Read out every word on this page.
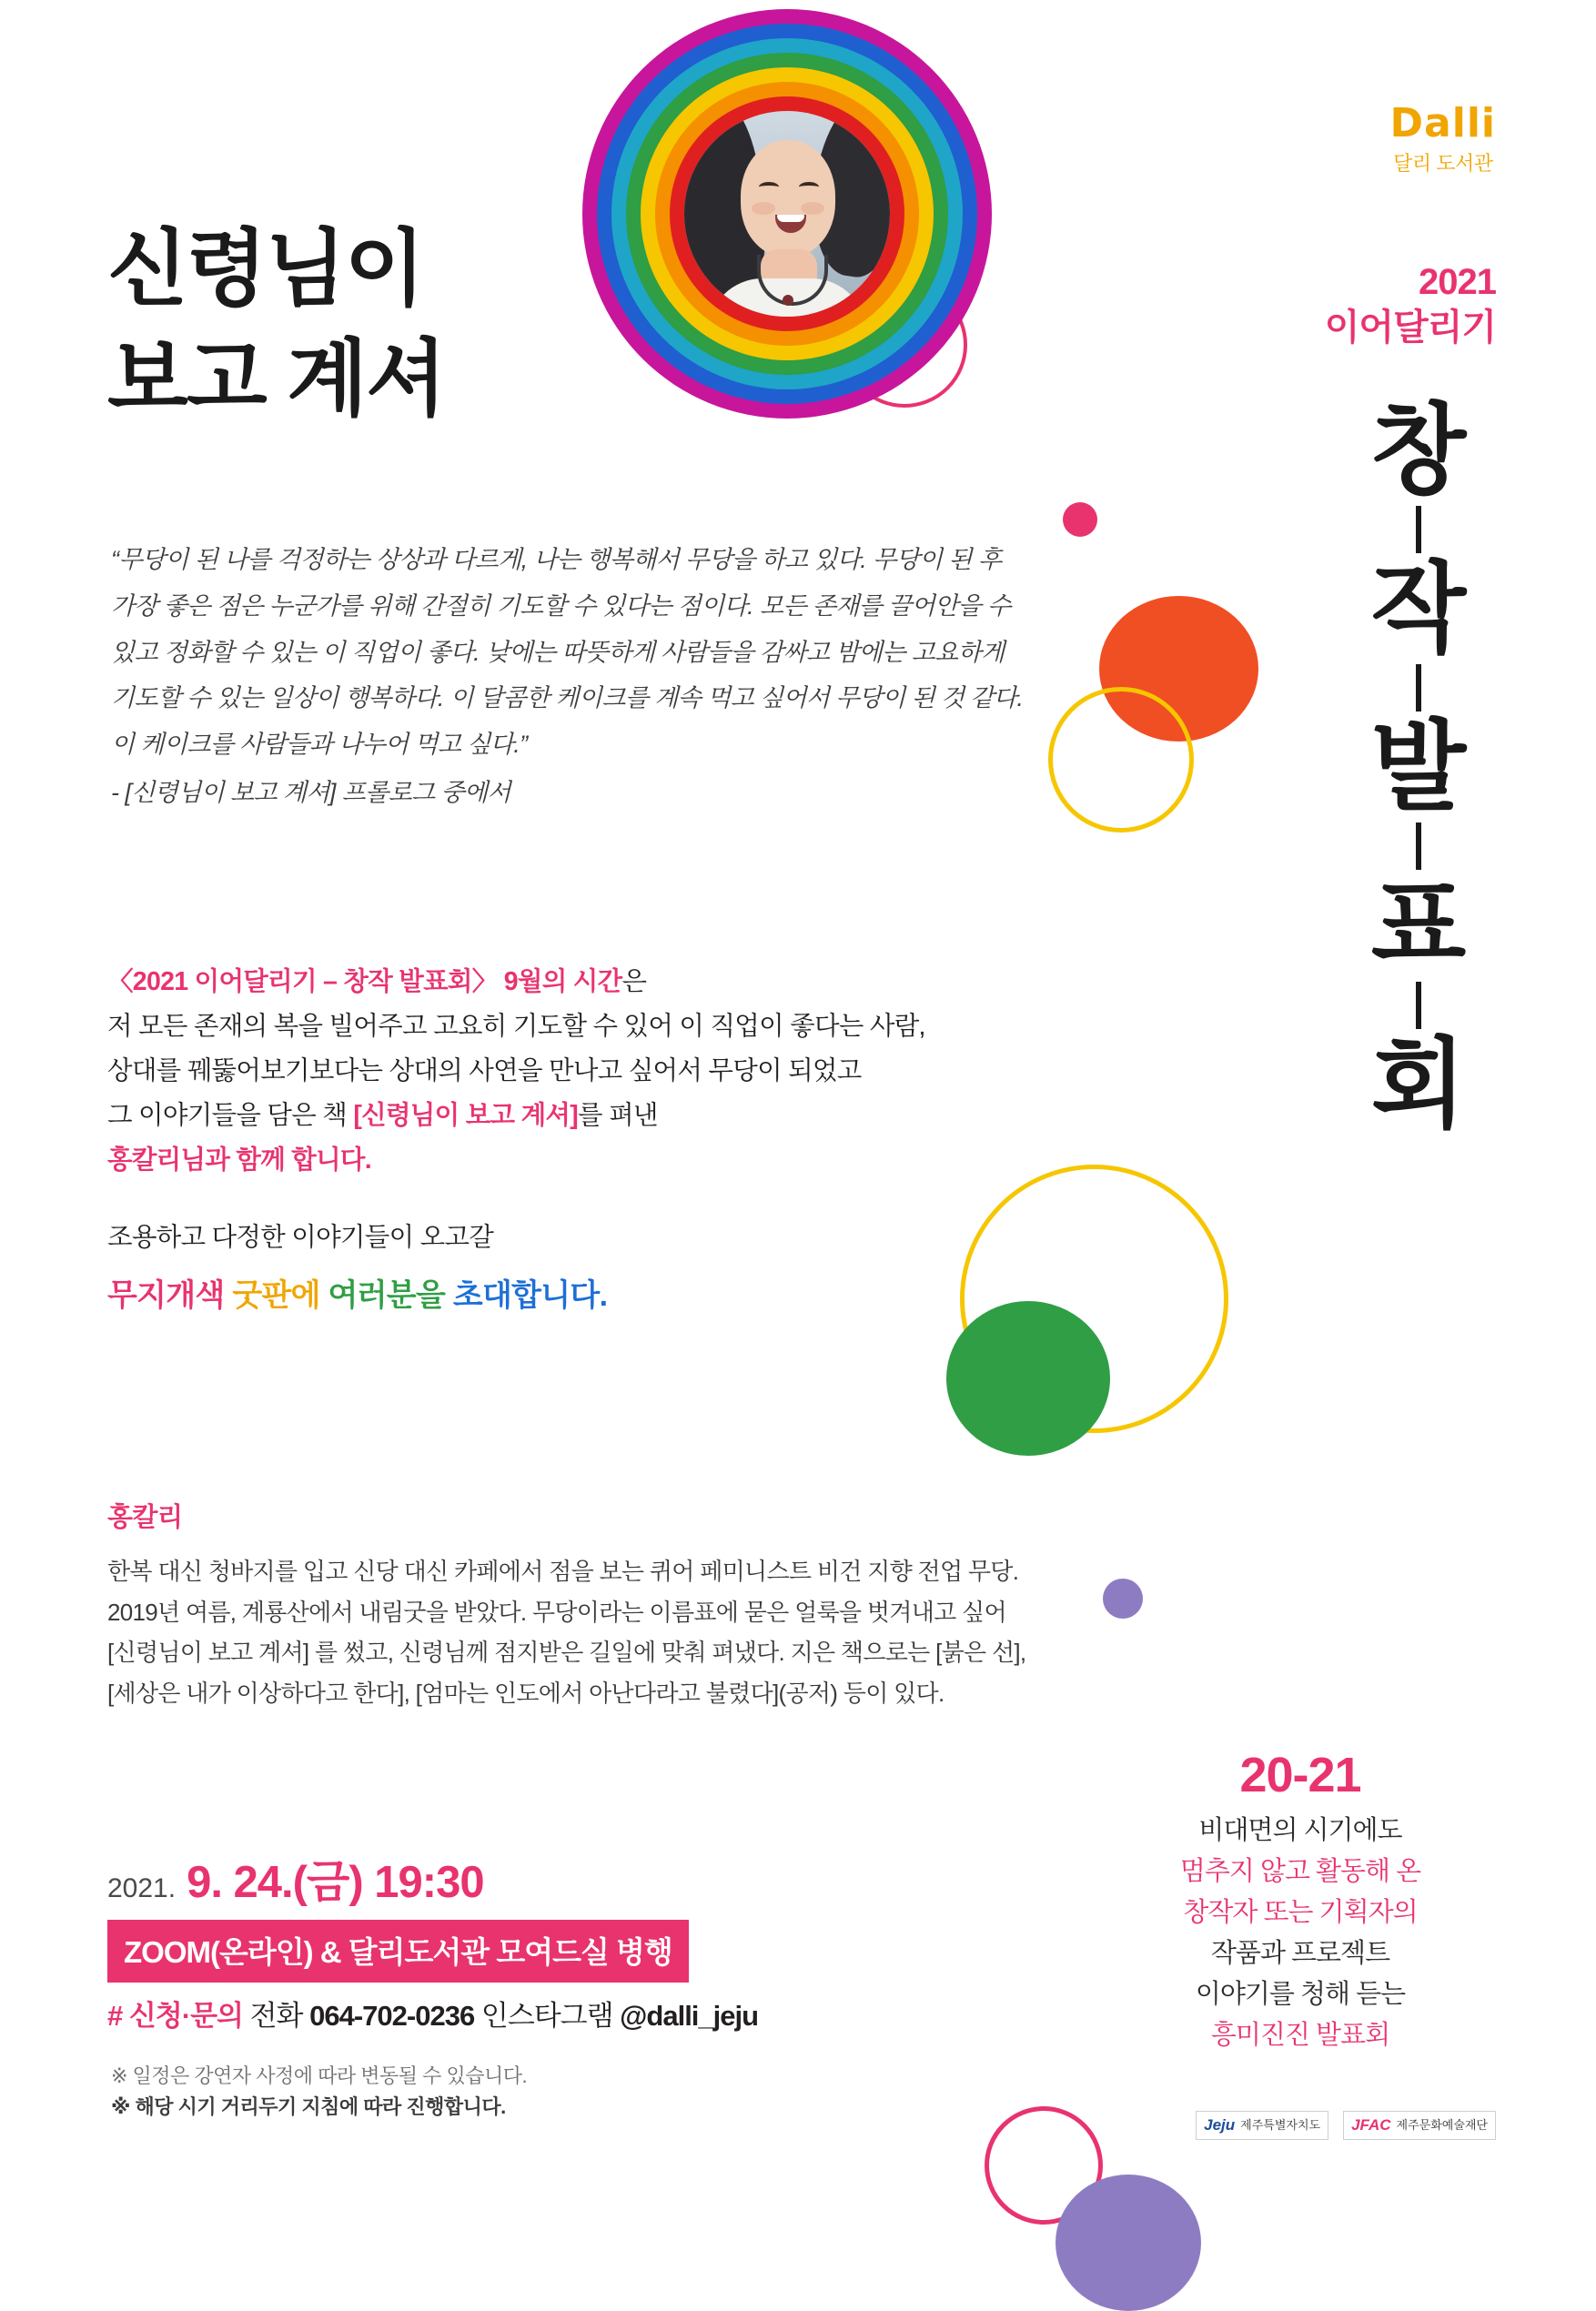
신령님이
보고 계셔
“무당이 된 나를 걱정하는 상상과 다르게, 나는 행복해서 무당을 하고 있다. 무당이 된 후 가장 좋은 점은 누군가를 위해 간절히 기도할 수 있다는 점이다. 모든 존재를 끌어안을 수 있고 정화할 수 있는 이 직업이 좋다. 낮에는 따뜻하게 사람들을 감싸고 밤에는 고요하게 기도할 수 있는 일상이 행복하다. 이 달콤한 케이크를 계속 먹고 싶어서 무당이 된 것 같다. 이 케이크를 사람들과 나누어 먹고 싶다.”
- [신령님이 보고 계셔] 프롤로그 중에서

〈2021 이어달리기 – 창작 발표회〉 9월의 시간은

저 모든 존재의 복을 빌어주고 고요히 기도할 수 있어 이 직업이 좋다는 사람,

상대를 꿰뚫어보기보다는 상대의 사연을 만나고 싶어서 무당이 되었고

그 이야기들을 담은 책 [신령님이 보고 계셔]를 펴낸

홍칼리님과 함께 합니다.

조용하고 다정한 이야기들이 오고갈

무지개색 굿판에 여러분을 초대합니다.

홍칼리
한복 대신 청바지를 입고 신당 대신 카페에서 점을 보는 퀴어 페미니스트 비건 지향 전업 무당. 2019년 여름, 계룡산에서 내림굿을 받았다. 무당이라는 이름표에 묻은 얼룩을 벗겨내고 싶어 [신령님이 보고 계셔] 를 썼고, 신령님께 점지받은 길일에 맞춰 펴냈다. 지은 책으로는 [붉은 선], [세상은 내가 이상하다고 한다], [엄마는 인도에서 아난다라고 불렸다](공저) 등이 있다.
2021. 9. 24.(금) 19:30
ZOOM(온라인) & 달리도서관 모여드실 병행
# 신청·문의 전화 064-702-0236 인스타그램 @dalli_jeju
※ 일정은 강연자 사정에 따라 변동될 수 있습니다.
※ 해당 시기 거리두기 지침에 따라 진행합니다.
Dalli
달리 도서관
2021
이어달리기
창
작
발
표
회
20-21
비대면의 시기에도
멈추지 않고 활동해 온
창작자 또는 기획자의
작품과 프로젝트
이야기를 청해 듣는
흥미진진 발표회
Jeju 제주특별자치도 JFAC 제주문화예술재단
